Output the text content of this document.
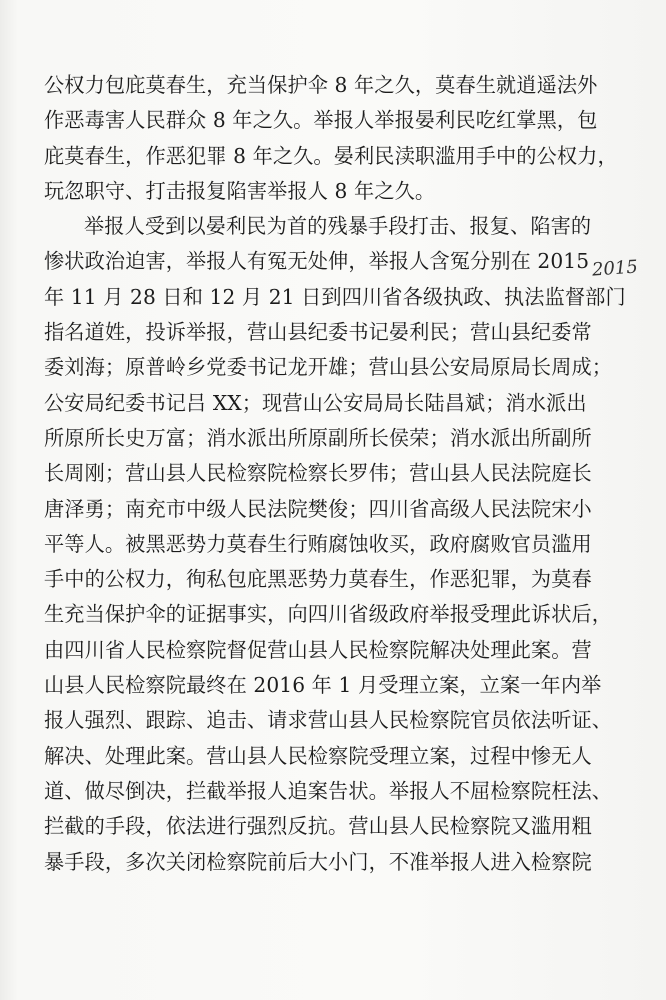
公权力包庇莫春生，充当保护伞 8 年之久，莫春生就逍遥法外
作恶毒害人民群众 8 年之久。举报人举报晏利民吃红掌黑，包
庇莫春生，作恶犯罪 8 年之久。晏利民渎职滥用手中的公权力，
玩忽职守、打击报复陷害举报人 8 年之久。
举报人受到以晏利民为首的残暴手段打击、报复、陷害的
惨状政治迫害，举报人有冤无处伸，举报人含冤分别在 2015
年 11 月 28 日和 12 月 21 日到四川省各级执政、执法监督部门
指名道姓，投诉举报，营山县纪委书记晏利民；营山县纪委常
委刘海；原普岭乡党委书记龙开雄；营山县公安局原局长周成；
公安局纪委书记吕 XX；现营山公安局局长陆昌斌；消水派出
所原所长史万富；消水派出所原副所长侯荣；消水派出所副所
长周刚；营山县人民检察院检察长罗伟；营山县人民法院庭长
唐泽勇；南充市中级人民法院樊俊；四川省高级人民法院宋小
平等人。被黑恶势力莫春生行贿腐蚀收买，政府腐败官员滥用
手中的公权力，徇私包庇黑恶势力莫春生，作恶犯罪，为莫春
生充当保护伞的证据事实，向四川省级政府举报受理此诉状后，
由四川省人民检察院督促营山县人民检察院解决处理此案。营
山县人民检察院最终在 2016 年 1 月受理立案，立案一年内举
报人强烈、跟踪、追击、请求营山县人民检察院官员依法听证、
解决、处理此案。营山县人民检察院受理立案，过程中惨无人
道、做尽倒决，拦截举报人追案告状。举报人不屈检察院枉法、
拦截的手段，依法进行强烈反抗。营山县人民检察院又滥用粗
暴手段，多次关闭检察院前后大小门，不准举报人进入检察院
2015
